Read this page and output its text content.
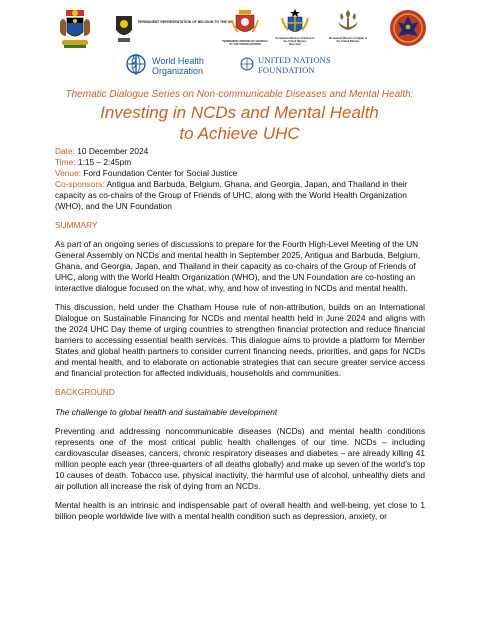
PERMANENT REPRESENTATION OF BELGIUM TO THE UN
PERMANENT MISSION OF GEORGIA
TO THE UNITED NATIONS
Permanent Mission of Ghana to
the United Nations
New York
Permanent Mission of Japan to
the United Nations
World Health
Organization
UNITED NATIONS
FOUNDATION
Thematic Dialogue Series on Non-communicable Diseases and Mental Health:
Investing in NCDs and Mental Health
to Achieve UHC
Date: 10 December 2024
Time: 1:15 – 2:45pm
Venue: Ford Foundation Center for Social Justice

Co-sponsors: Antigua and Barbuda, Belgium, Ghana, and Georgia, Japan, and Thailand in their capacity as co-chairs of the Group of Friends of UHC, along with the World Health Organization (WHO), and the UN Foundation

SUMMARY

As part of an ongoing series of discussions to prepare for the Fourth High-Level Meeting of the UN General Assembly on NCDs and mental health in September 2025, Antigua and Barbuda, Belgium, Ghana, and Georgia, Japan, and Thailand in their capacity as co-chairs of the Group of Friends of UHC, along with the World Health Organization (WHO), and the UN Foundation are co-hosting an interactive dialogue focused on the what, why, and how of investing in NCDs and mental health.

This discussion, held under the Chatham House rule of non-attribution, builds on an International Dialogue on Sustainable Financing for NCDs and mental health held in June 2024 and aligns with the 2024 UHC Day theme of urging countries to strengthen financial protection and reduce financial barriers to accessing essential health services. This dialogue aims to provide a platform for Member States and global health partners to consider current financing needs, priorities, and gaps for NCDs and mental health, and to elaborate on actionable strategies that can secure greater service access and financial protection for affected individuals, households and communities.

BACKGROUND
The challenge to global health and sustainable development

Preventing and addressing noncommunicable diseases (NCDs) and mental health conditions represents one of the most critical public health challenges of our time. NCDs – including cardiovascular diseases, cancers, chronic respiratory diseases and diabetes – are already killing 41 million people each year (three-quarters of all deaths globally) and make up seven of the world’s top 10 causes of death. Tobacco use, physical inactivity, the harmful use of alcohol, unhealthy diets and air pollution all increase the risk of dying from an NCDs.

Mental health is an intrinsic and indispensable part of overall health and well-being, yet close to 1 billion people worldwide live with a mental health condition such as depression, anxiety, or
